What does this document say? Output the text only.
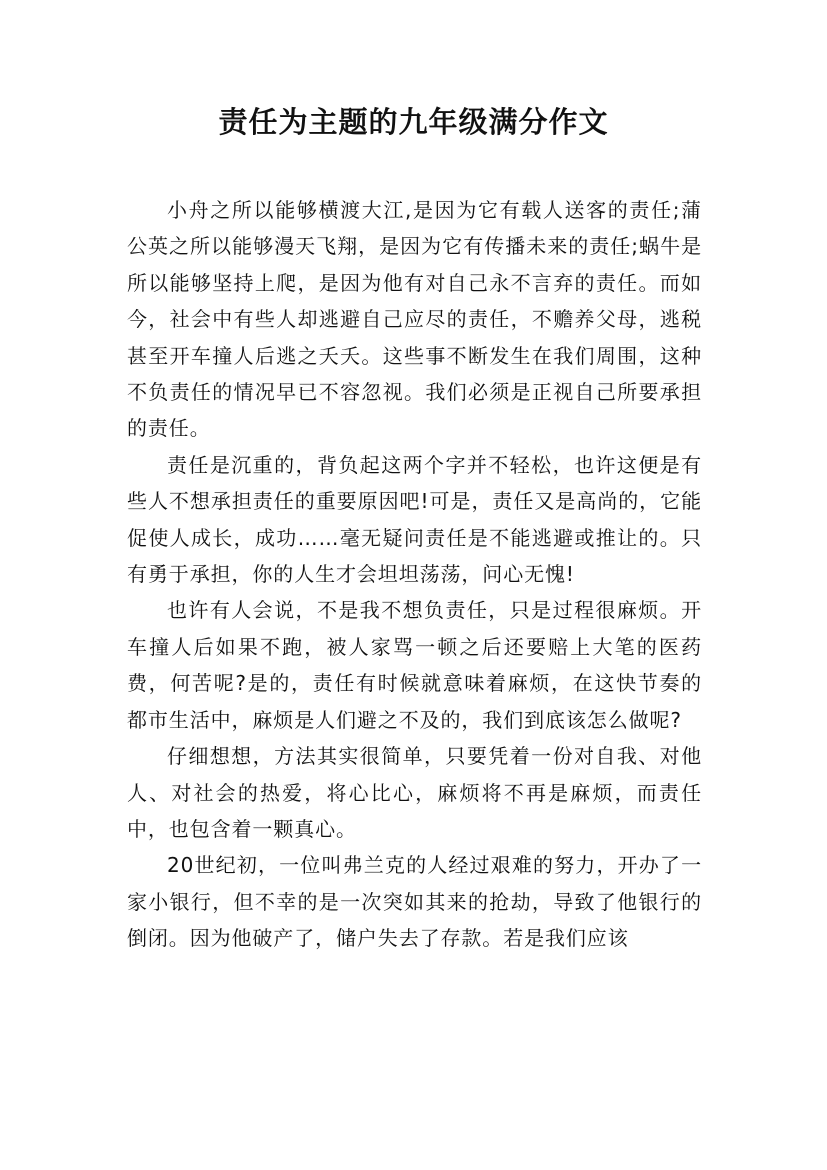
责任为主题的九年级满分作文

小舟之所以能够横渡大江,是因为它有载人送客的责任;蒲公英之所以能够漫天飞翔，是因为它有传播未来的责任;蜗牛是所以能够坚持上爬，是因为他有对自己永不言弃的责任。而如今，社会中有些人却逃避自己应尽的责任，不赡养父母，逃税甚至开车撞人后逃之夭夭。这些事不断发生在我们周围，这种不负责任的情况早已不容忽视。我们必须是正视自己所要承担的责任。

责任是沉重的，背负起这两个字并不轻松，也许这便是有些人不想承担责任的重要原因吧!可是，责任又是高尚的，它能促使人成长，成功……毫无疑问责任是不能逃避或推让的。只有勇于承担，你的人生才会坦坦荡荡，问心无愧!

也许有人会说，不是我不想负责任，只是过程很麻烦。开车撞人后如果不跑，被人家骂一顿之后还要赔上大笔的医药费，何苦呢?是的，责任有时候就意味着麻烦，在这快节奏的都市生活中，麻烦是人们避之不及的，我们到底该怎么做呢?

仔细想想，方法其实很简单，只要凭着一份对自我、对他人、对社会的热爱，将心比心，麻烦将不再是麻烦，而责任中，也包含着一颗真心。

20世纪初，一位叫弗兰克的人经过艰难的努力，开办了一家小银行，但不幸的是一次突如其来的抢劫，导致了他银行的倒闭。因为他破产了，储户失去了存款。若是我们应该
